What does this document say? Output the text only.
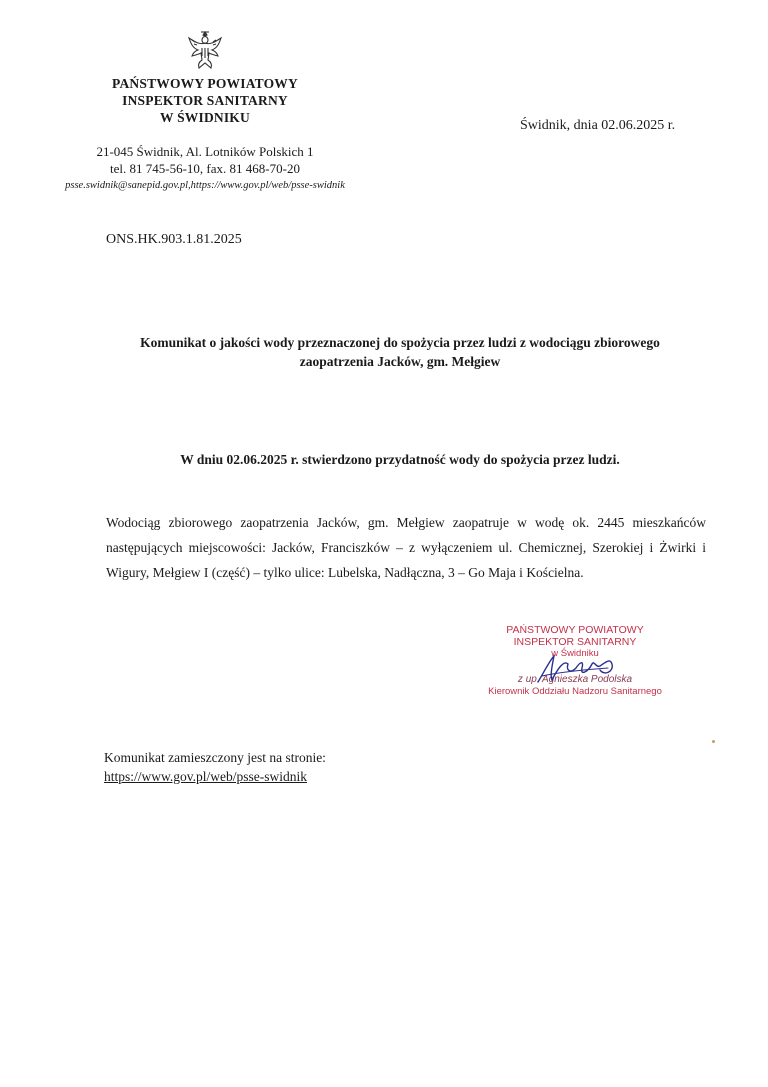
PAŃSTWOWY POWIATOWY
INSPEKTOR SANITARNY
W ŚWIDNIKU
Świdnik, dnia 02.06.2025 r.
21-045 Świdnik, Al. Lotników Polskich 1
tel. 81 745-56-10, fax. 81 468-70-20
psse.swidnik@sanepid.gov.pl,https://www.gov.pl/web/psse-swidnik
ONS.HK.903.1.81.2025
Komunikat o jakości wody przeznaczonej do spożycia przez ludzi z wodociągu zbiorowego
zaopatrzenia Jacków, gm. Mełgiew
W dniu 02.06.2025 r. stwierdzono przydatność wody do spożycia przez ludzi.
Wodociąg zbiorowego zaopatrzenia Jacków, gm. Mełgiew zaopatruje w wodę ok. 2445 mieszkańców następujących miejscowości: Jacków, Franciszków – z wyłączeniem ul. Chemicznej, Szerokiej i Żwirki i Wigury, Mełgiew I (część) – tylko ulice: Lubelska, Nadłączna, 3 – Go Maja i Kościelna.
PAŃSTWOWY POWIATOWY
INSPEKTOR SANITARNY
w Świdniku
z up. Agnieszka Podolska
Kierownik Oddziału Nadzoru Sanitarnego
Komunikat zamieszczony jest na stronie:
https://www.gov.pl/web/psse-swidnik
